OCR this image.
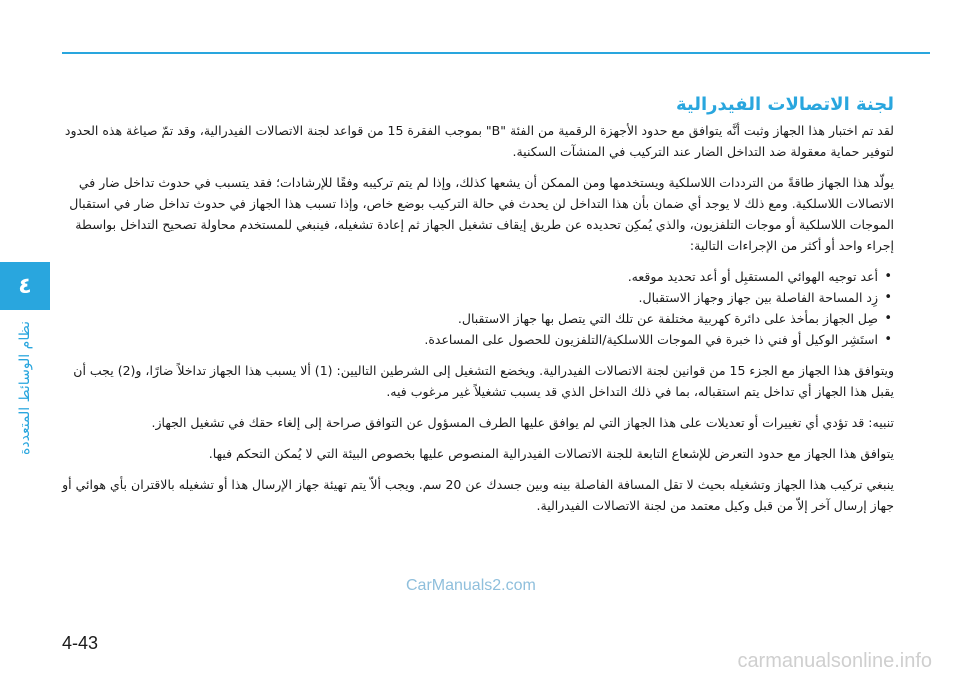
٤
ﻧﻈﺎم اﻟﻮﺳﺎﺋﻂ اﻟﻤﺘﻌﺪدة
لجنة الاتصالات الفيدرالية

لقد تم اختبار هذا الجهاز وثبت أنَّه يتوافق مع حدود الأجهزة الرقمية من الفئة "B" بموجب الفقرة 15 من قواعد لجنة الاتصالات الفيدرالية، وقد تمّ صياغة هذه الحدود لتوفير حماية معقولة ضد التداخل الضار عند التركيب في المنشآت السكنية.

يولّد هذا الجهاز طاقةً من الترددات اللاسلكية ويستخدمها ومن الممكن أن يشعها كذلك، وإذا لم يتم تركيبه وفقًا للإرشادات؛ فقد يتسبب في حدوث تداخل ضار في الاتصالات اللاسلكية. ومع ذلك لا يوجد أي ضمان بأن هذا التداخل لن يحدث في حالة التركيب بوضع خاص، وإذا تسبب هذا الجهاز في حدوث تداخل ضار في استقبال الموجات اللاسلكية أو موجات التلفزيون، والذي يُمكِن تحديده عن طريق إيقاف تشغيل الجهاز ثم إعادة تشغيله، فينبغي للمستخدم محاولة تصحيح التداخل بواسطة إجراء واحد أو أكثر من الإجراءات التالية:

• أعد توجيه الهوائي المستقبِل أو أعد تحديد موقعه.
• زِد المساحة الفاصلة بين جهاز وجهاز الاستقبال.
• صِل الجهاز بمأخذ على دائرة كهربية مختلفة عن تلك التي يتصل بها جهاز الاستقبال.
• استَشِر الوكيل أو فني ذا خبرة في الموجات اللاسلكية/التلفزيون للحصول على المساعدة.

ويتوافق هذا الجهاز مع الجزء 15 من قوانين لجنة الاتصالات الفيدرالية. ويخضع التشغيل إلى الشرطين التاليين: (1) ألا يسبب هذا الجهاز تداخلاً ضارًا، و(2) يجب أن يقبل هذا الجهاز أي تداخل يتم استقباله، بما في ذلك التداخل الذي قد يسبب تشغيلاً غير مرغوب فيه.

تنبيه: قد تؤدي أي تغييرات أو تعديلات على هذا الجهاز التي لم يوافق عليها الطرف المسؤول عن التوافق صراحة إلى إلغاء حقك في تشغيل الجهاز.

يتوافق هذا الجهاز مع حدود التعرض للإشعاع التابعة للجنة الاتصالات الفيدرالية المنصوص عليها بخصوص البيئة التي لا يُمكن التحكم فيها.

ينبغي تركيب هذا الجهاز وتشغيله بحيث لا تقل المسافة الفاصلة بينه وبين جسدك عن 20 سم. ويجب ألاّ يتم تهيئة جهاز الإرسال هذا أو تشغيله بالاقتران بأي هوائي أو جهاز إرسال آخر إلاّ من قبل وكيل معتمد من لجنة الاتصالات الفيدرالية.

CarManuals2.com
4-43
carmanualsonline.info
